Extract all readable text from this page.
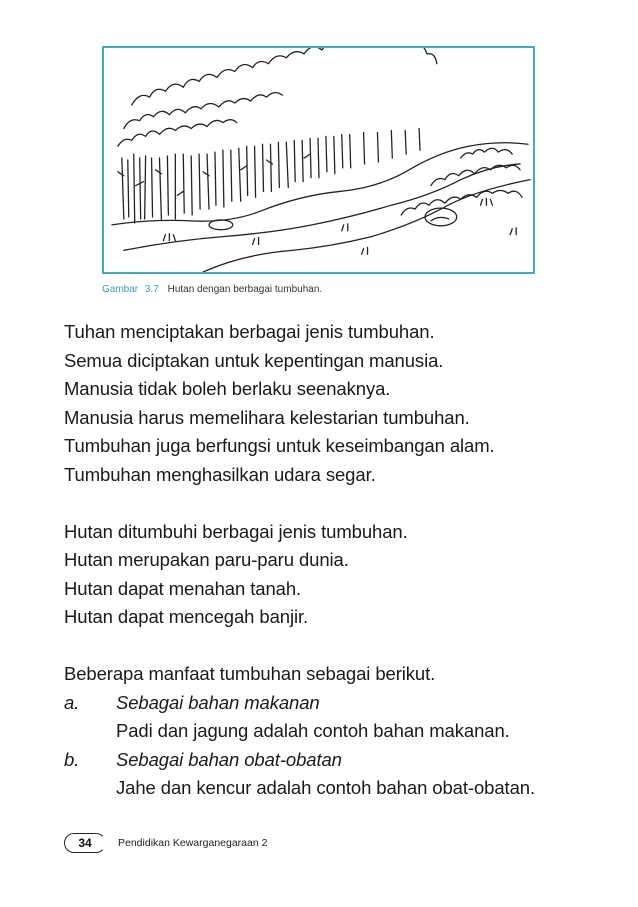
Gambar 3.7 Hutan dengan berbagai tumbuhan.

Tuhan menciptakan berbagai jenis tumbuhan.

Semua diciptakan untuk kepentingan manusia.

Manusia tidak boleh berlaku seenaknya.

Manusia harus memelihara kelestarian tumbuhan.

Tumbuhan juga berfungsi untuk keseimbangan alam.

Tumbuhan menghasilkan udara segar.

Hutan ditumbuhi berbagai jenis tumbuhan.

Hutan merupakan paru-paru dunia.

Hutan dapat menahan tanah.

Hutan dapat mencegah banjir.

Beberapa manfaat tumbuhan sebagai berikut.

a.	Sebagai bahan makanan

Padi dan jagung adalah contoh bahan makanan.

b.	Sebagai bahan obat-obatan

Jahe dan kencur adalah contoh bahan obat-obatan.

34	Pendidikan Kewarganegaraan 2
